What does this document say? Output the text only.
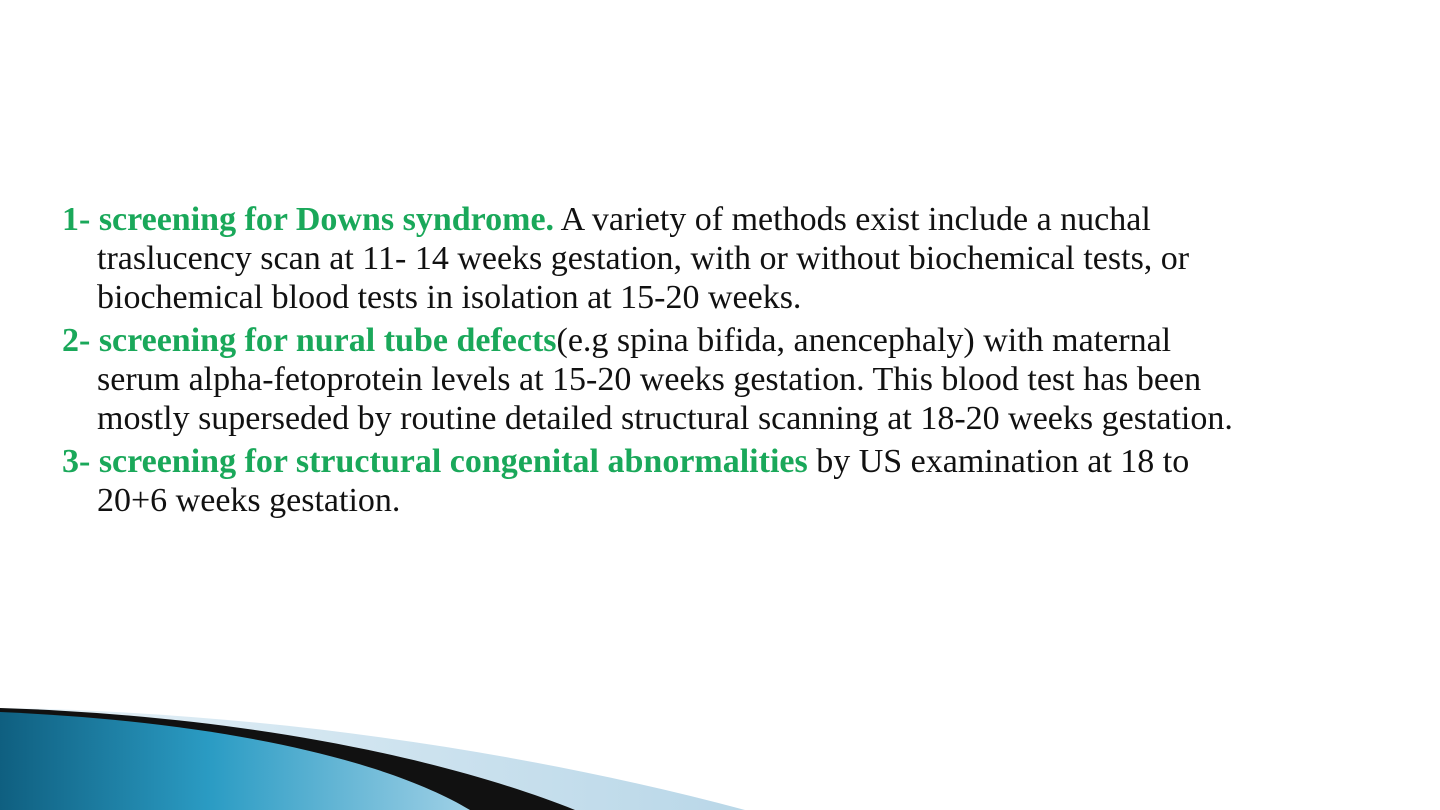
1- screening for Downs syndrome. A variety of methods exist include a nuchal traslucency scan at 11- 14 weeks gestation, with or without biochemical tests, or biochemical blood tests in isolation at 15-20 weeks.
2- screening for nural tube defects(e.g spina bifida, anencephaly) with maternal serum alpha-fetoprotein levels at 15-20 weeks gestation. This blood test has been mostly superseded by routine detailed structural scanning at 18-20 weeks gestation.
3- screening for structural congenital abnormalities by US examination at 18 to 20+6 weeks gestation.
